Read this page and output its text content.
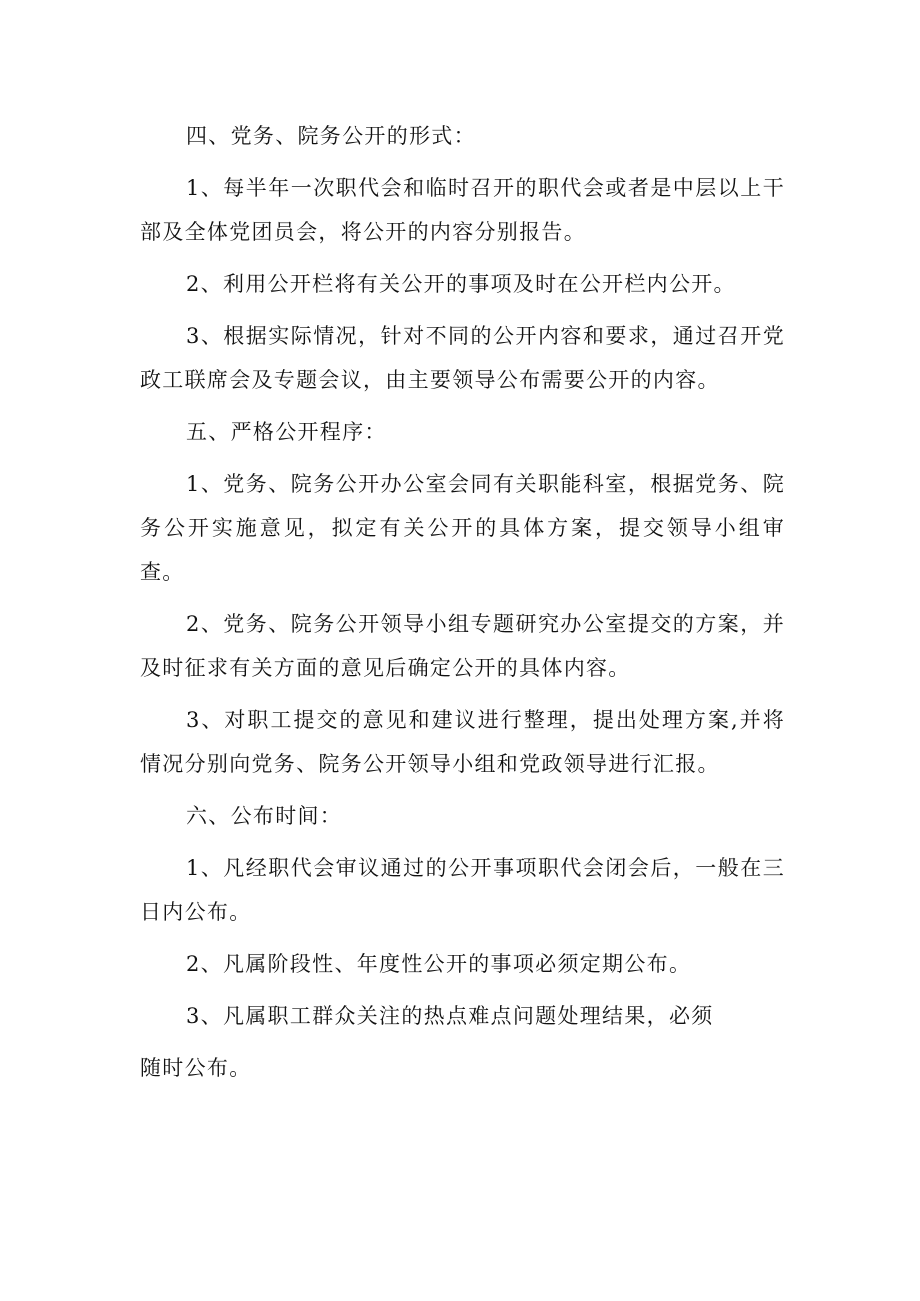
四、党务、院务公开的形式：

1、每半年一次职代会和临时召开的职代会或者是中层以上干部及全体党团员会，将公开的内容分别报告。

2、利用公开栏将有关公开的事项及时在公开栏内公开。

3、根据实际情况，针对不同的公开内容和要求，通过召开党政工联席会及专题会议，由主要领导公布需要公开的内容。

五、严格公开程序：

1、党务、院务公开办公室会同有关职能科室，根据党务、院务公开实施意见，拟定有关公开的具体方案，提交领导小组审查。

2、党务、院务公开领导小组专题研究办公室提交的方案，并及时征求有关方面的意见后确定公开的具体内容。

3、对职工提交的意见和建议进行整理，提出处理方案,并将情况分别向党务、院务公开领导小组和党政领导进行汇报。

六、公布时间：

1、凡经职代会审议通过的公开事项职代会闭会后，一般在三日内公布。

2、凡属阶段性、年度性公开的事项必须定期公布。

3、凡属职工群众关注的热点难点问题处理结果，必须

随时公布。
